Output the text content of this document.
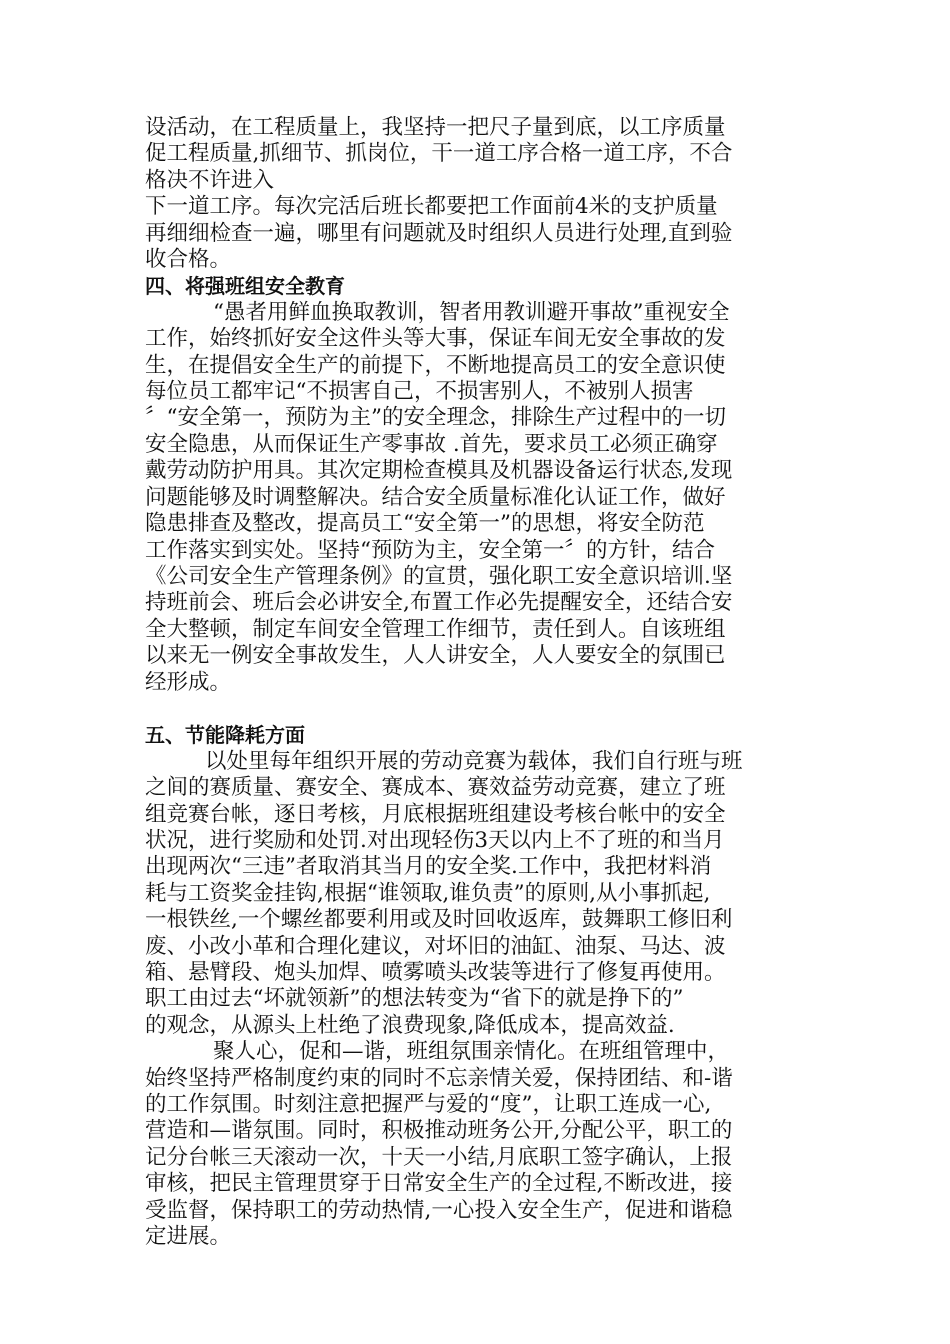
设活动，在工程质量上，我坚持一把尺子量到底，以工序质量
促工程质量,抓细节、抓岗位，干一道工序合格一道工序，不合
格决不许进入
下一道工序。每次完活后班长都要把工作面前4米的支护质量
再细细检查一遍，哪里有问题就及时组织人员进行处理,直到验
收合格。
四、将强班组安全教育
“愚者用鲜血换取教训，智者用教训避开事故”重视安全
工作，始终抓好安全这件头等大事，保证车间无安全事故的发
生，在提倡安全生产的前提下，不断地提高员工的安全意识使
每位员工都牢记“不损害自己，不损害别人，不被别人损害
〞“安全第一，预防为主”的安全理念，排除生产过程中的一切
安全隐患，从而保证生产零事故 .首先，要求员工必须正确穿
戴劳动防护用具。其次定期检查模具及机器设备运行状态,发现
问题能够及时调整解决。结合安全质量标准化认证工作，做好
隐患排查及整改，提高员工“安全第一”的思想，将安全防范
工作落实到实处。坚持“预防为主，安全第一〞的方针，结合
《公司安全生产管理条例》的宣贯，强化职工安全意识培训.坚
持班前会、班后会必讲安全,布置工作必先提醒安全，还结合安
全大整顿，制定车间安全管理工作细节，责任到人。自该班组
以来无一例安全事故发生，人人讲安全，人人要安全的氛围已
经形成。
五、节能降耗方面
以处里每年组织开展的劳动竞赛为载体，我们自行班与班
之间的赛质量、赛安全、赛成本、赛效益劳动竞赛，建立了班
组竞赛台帐，逐日考核，月底根据班组建设考核台帐中的安全
状况，进行奖励和处罚.对出现轻伤3天以内上不了班的和当月
出现两次“三违”者取消其当月的安全奖.工作中，我把材料消
耗与工资奖金挂钩,根据“谁领取,谁负责”的原则,从小事抓起,
一根铁丝,一个螺丝都要利用或及时回收返库，鼓舞职工修旧利
废、小改小革和合理化建议，对坏旧的油缸、油泵、马达、波
箱、悬臂段、炮头加焊、喷雾喷头改装等进行了修复再使用。
职工由过去“坏就领新”的想法转变为“省下的就是挣下的”
的观念，从源头上杜绝了浪费现象,降低成本，提高效益.
聚人心，促和—谐，班组氛围亲情化。在班组管理中，
始终坚持严格制度约束的同时不忘亲情关爱，保持团结、和-谐
的工作氛围。时刻注意把握严与爱的“度”，让职工连成一心,
营造和—谐氛围。同时，积极推动班务公开,分配公平，职工的
记分台帐三天滚动一次，十天一小结,月底职工签字确认，上报
审核，把民主管理贯穿于日常安全生产的全过程,不断改进，接
受监督，保持职工的劳动热情,一心投入安全生产，促进和谐稳
定进展。
